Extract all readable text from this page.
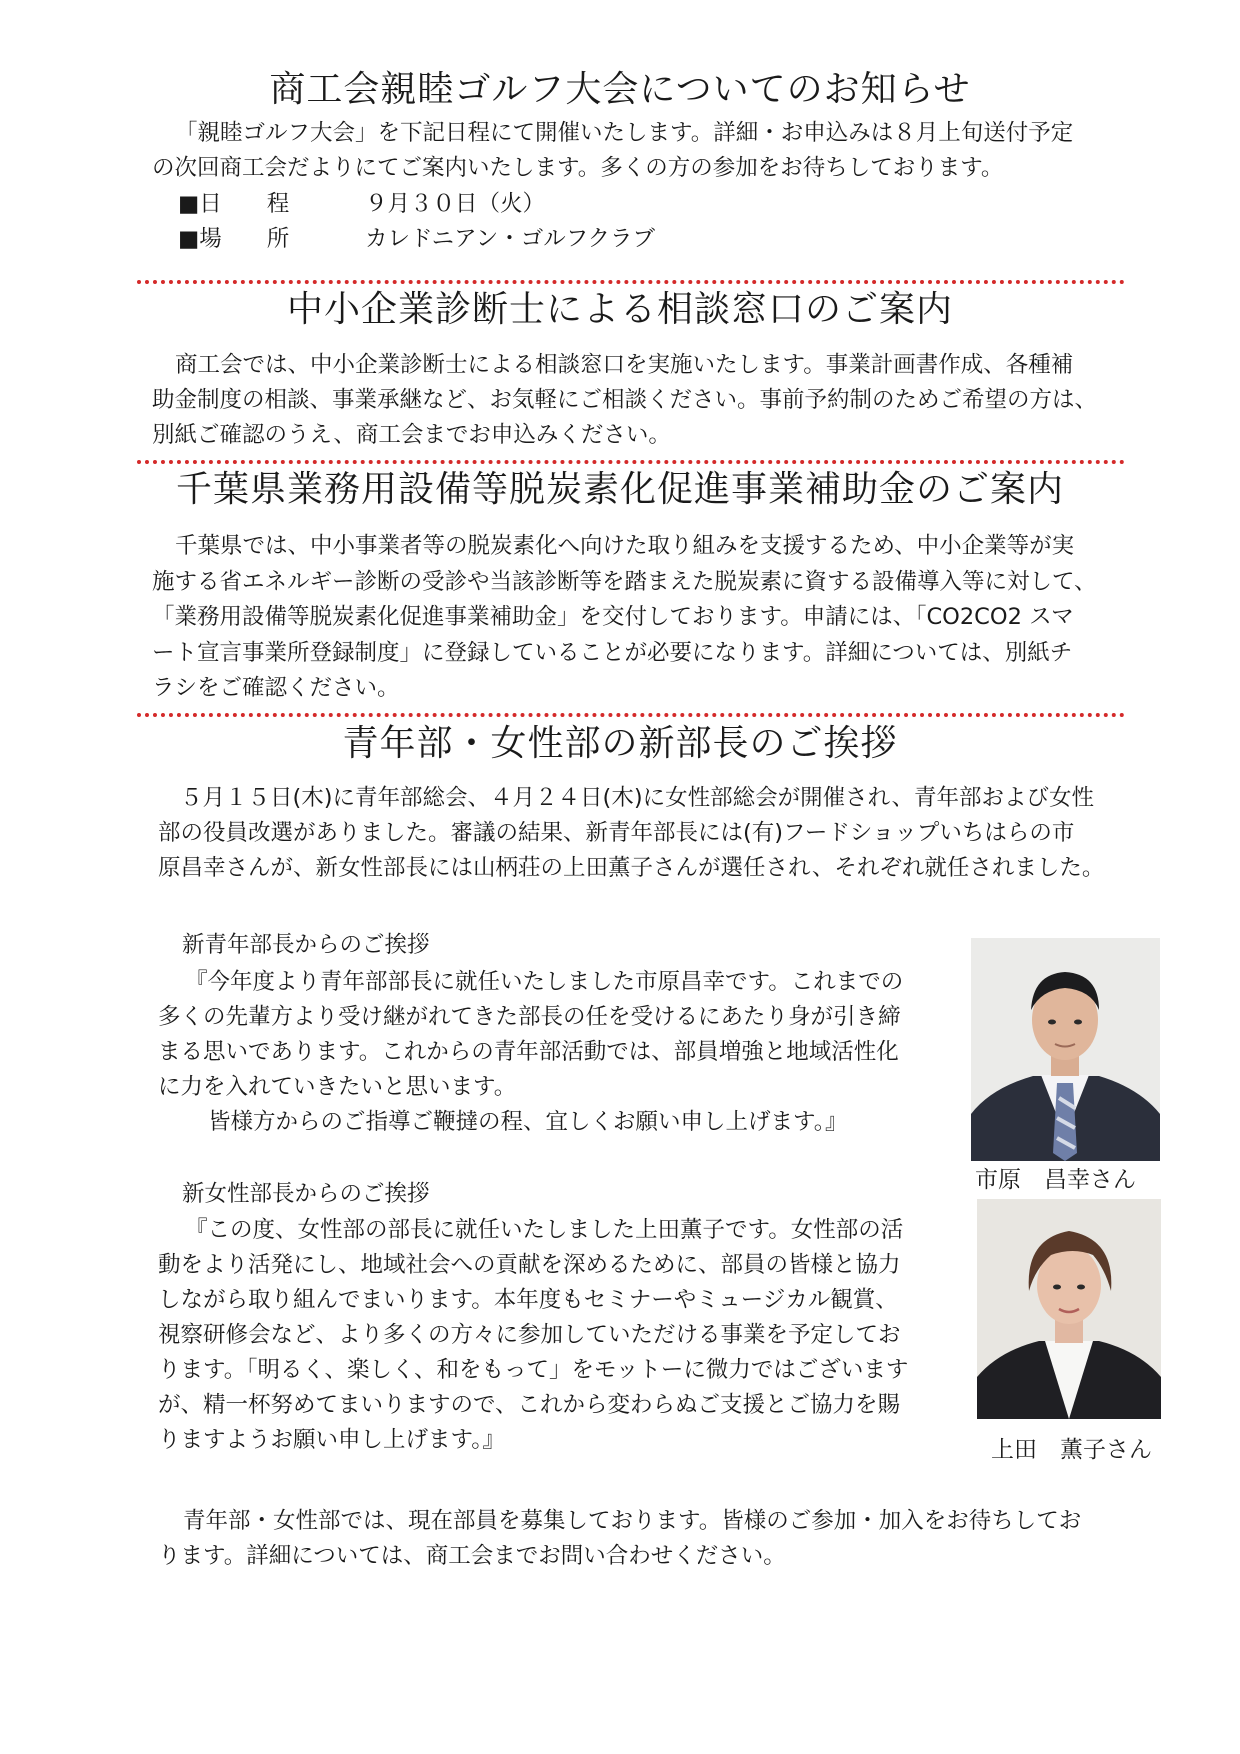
商工会親睦ゴルフ大会についてのお知らせ
「親睦ゴルフ大会」を下記日程にて開催いたします。詳細・お申込みは８月上旬送付予定
の次回商工会だよりにてご案内いたします。多くの方の参加をお待ちしております。
■日　　程	９月３０日（火）
■場　　所	カレドニアン・ゴルフクラブ
中小企業診断士による相談窓口のご案内
商工会では、中小企業診断士による相談窓口を実施いたします。事業計画書作成、各種補
助金制度の相談、事業承継など、お気軽にご相談ください。事前予約制のためご希望の方は、
別紙ご確認のうえ、商工会までお申込みください。
千葉県業務用設備等脱炭素化促進事業補助金のご案内
千葉県では、中小事業者等の脱炭素化へ向けた取り組みを支援するため、中小企業等が実
施する省エネルギー診断の受診や当該診断等を踏まえた脱炭素に資する設備導入等に対して、
「業務用設備等脱炭素化促進事業補助金」を交付しております。申請には、「CO2CO2 スマ
ート宣言事業所登録制度」に登録していることが必要になります。詳細については、別紙チ
ラシをご確認ください。
青年部・女性部の新部長のご挨拶
５月１５日(木)に青年部総会、４月２４日(木)に女性部総会が開催され、青年部および女性
部の役員改選がありました。審議の結果、新青年部長には(有)フードショップいちはらの市
原昌幸さんが、新女性部長には山柄荘の上田薫子さんが選任され、それぞれ就任されました。
新青年部長からのご挨拶
『今年度より青年部部長に就任いたしました市原昌幸です。これまでの
多くの先輩方より受け継がれてきた部長の任を受けるにあたり身が引き締
まる思いであります。これからの青年部活動では、部員増強と地域活性化
に力を入れていきたいと思います。
皆様方からのご指導ご鞭撻の程、宜しくお願い申し上げます。』
市原　昌幸さん
新女性部長からのご挨拶
『この度、女性部の部長に就任いたしました上田薫子です。女性部の活
動をより活発にし、地域社会への貢献を深めるために、部員の皆様と協力
しながら取り組んでまいります。本年度もセミナーやミュージカル観賞、
視察研修会など、より多くの方々に参加していただける事業を予定してお
ります。「明るく、楽しく、和をもって」をモットーに微力ではございます
が、精一杯努めてまいりますので、これから変わらぬご支援とご協力を賜
りますようお願い申し上げます。』	上田　薫子さん
青年部・女性部では、現在部員を募集しております。皆様のご参加・加入をお待ちしてお
ります。詳細については、商工会までお問い合わせください。
